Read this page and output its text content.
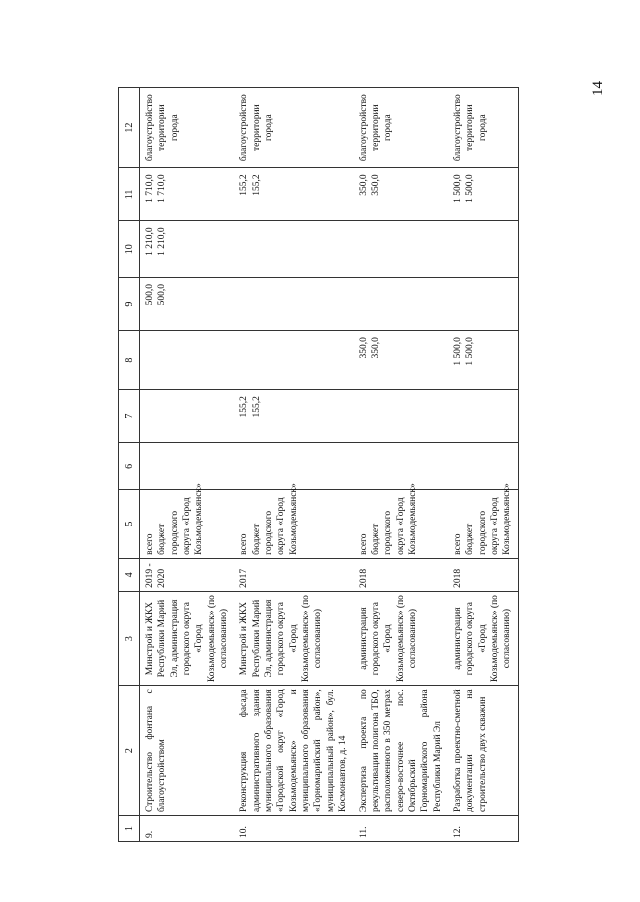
14
1	2	3	4	5	6	7	8	9	10	11	12
9.	Строительство фонтана с благоустройством	Минстрой и ЖКХ Республики Марий Эл, администрация городского округа «Город Козьмодемьянск» (по согласованию)	2019 - 2020	всего бюджет городского округа «Город Козьмодемьянск»				500,0 500,0	1 210,0 1 210,0	1 710,0 1 710,0	благоустройство территории города
10.	Реконструкция фасада административного здания муниципального образования «Городской округ «Город Козьмодемьянск» и муниципального образования «Горномарийский район», муниципальный район», бул. Космонавтов, д. 14	Минстрой и ЖКХ Республики Марий Эл, администрация городского округа «Город Козьмодемьянск» (по согласованию)	2017	всего бюджет городского округа «Город Козьмодемьянск»		155,2 155,2				155,2 155,2	благоустройство территории города
11.	Экспертиза проекта по рекультивации полигона ТБО, расположенного в 350 метрах северо-восточнее пос. Октябрьский Горномарийского района Республики Марий Эл	администрация городского округа «Город Козьмодемьянск» (по согласованию)	2018	всего бюджет городского округа «Город Козьмодемьянск»			350,0 350,0			350,0 350,0	благоустройство территории города
12.	Разработка проектно-сметной документации на строительство двух скважин	администрация городского округа «Город Козьмодемьянск» (по согласованию)	2018	всего бюджет городского округа «Город Козьмодемьянск»			1 500,0 1 500,0			1 500,0 1 500,0	благоустройство территории города
